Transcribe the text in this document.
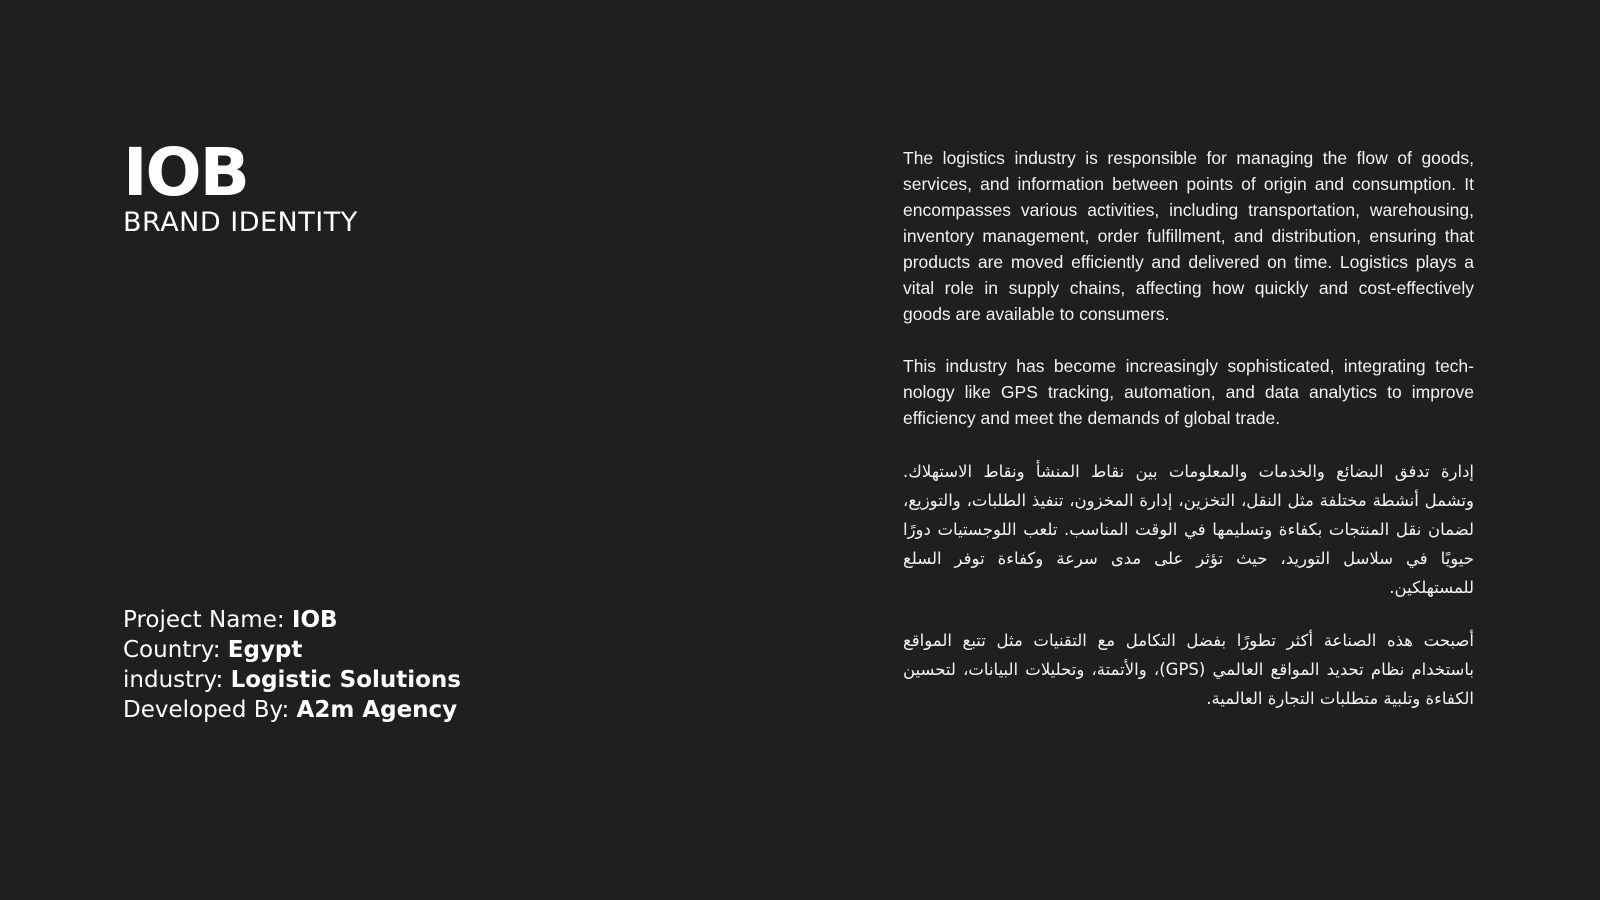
IOB
BRAND IDENTITY
Project Name: IOB
Country: Egypt
industry: Logistic Solutions
Developed By: A2m Agency

The logistics industry is responsible for managing the flow of goods, services, and information between points of origin and consumption. It encompasses various activities, including transportation, warehousing, inventory management, order fulfillment, and distribution, ensuring that products are moved efficiently and delivered on time. Logistics plays a vital role in supply chains, affecting how quickly and cost-effectively goods are available to consumers.

This industry has become increasingly sophisticated, integrating technology like GPS tracking, automation, and data analytics to improve efficiency and meet the demands of global trade.

إدارة تدفق البضائع والخدمات والمعلومات بين نقاط المنشأ ونقاط الاستهلاك. وتشمل أنشطة مختلفة مثل النقل، التخزين، إدارة المخزون، تنفيذ الطلبات، والتوزيع، لضمان نقل المنتجات بكفاءة وتسليمها في الوقت المناسب. تلعب اللوجستيات دورًا حيويًا في سلاسل التوريد، حيث تؤثر على مدى سرعة وكفاءة توفر السلع للمستهلكين.

أصبحت هذه الصناعة أكثر تطورًا بفضل التكامل مع التقنيات مثل تتبع المواقع باستخدام نظام تحديد المواقع العالمي (GPS)، والأتمتة، وتحليلات البيانات، لتحسين الكفاءة وتلبية متطلبات التجارة العالمية.
